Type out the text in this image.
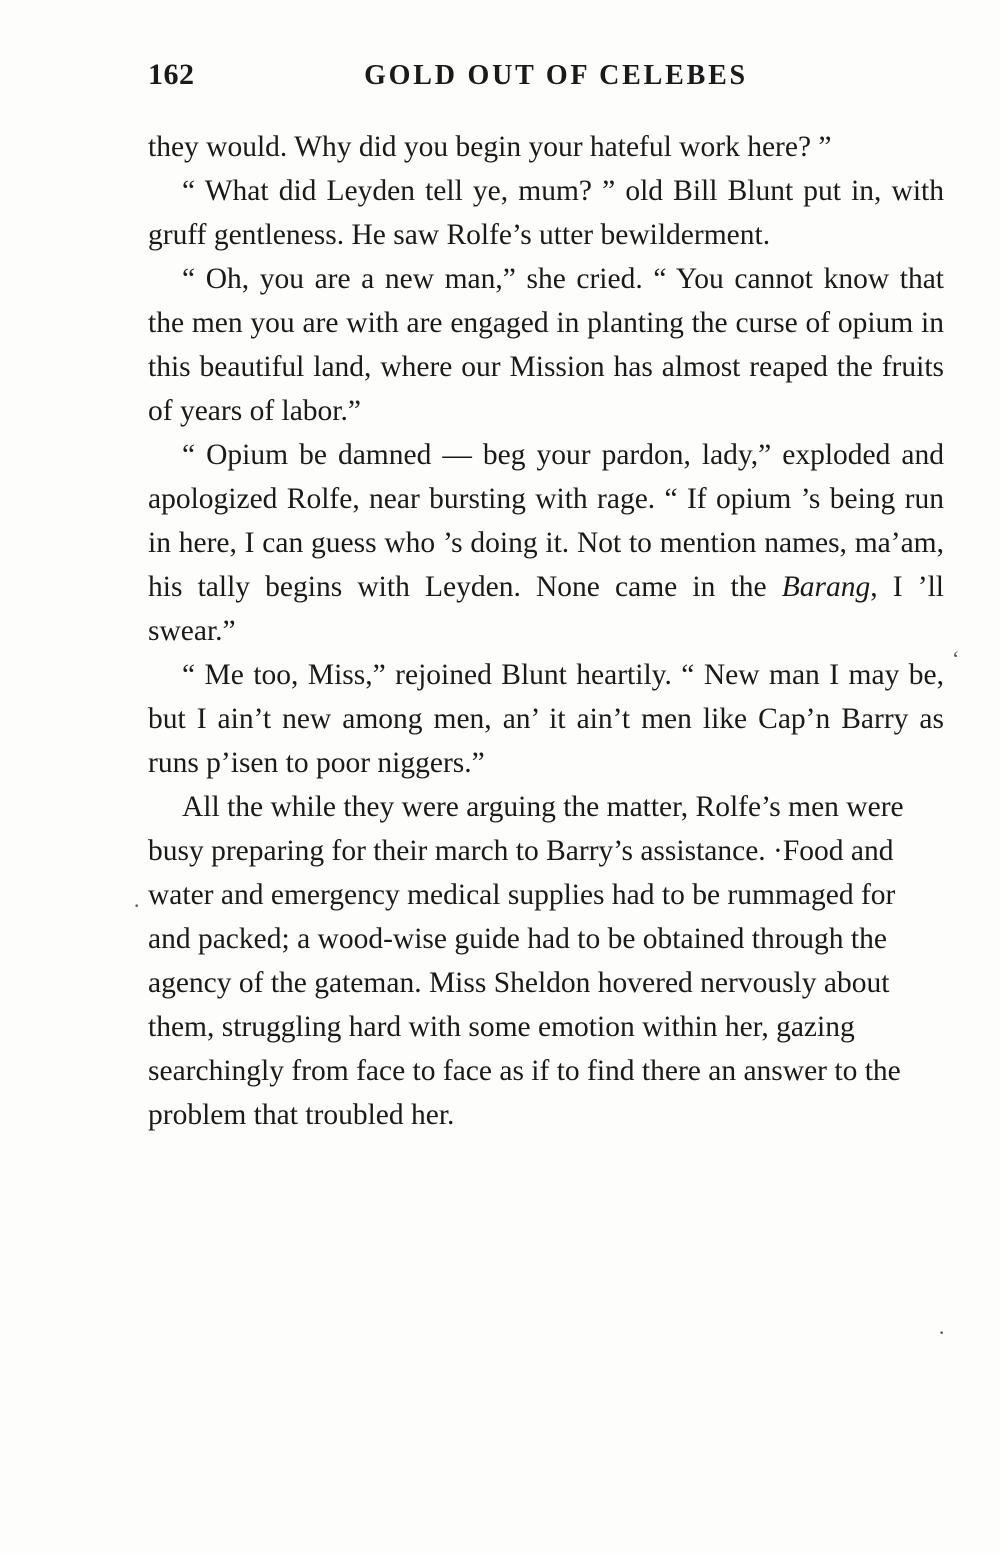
162	GOLD OUT OF CELEBES

they would. Why did you begin your hateful work here? ”

“ What did Leyden tell ye, mum? ” old Bill Blunt put in, with gruff gentleness. He saw Rolfe’s utter bewilderment.

“ Oh, you are a new man,” she cried. “ You cannot know that the men you are with are engaged in planting the curse of opium in this beautiful land, where our Mission has almost reaped the fruits of years of labor.”

“ Opium be damned — beg your pardon, lady,” exploded and apologized Rolfe, near bursting with rage. “ If opium ’s being run in here, I can guess who ’s doing it. Not to mention names, ma’am, his tally begins with Leyden. None came in the Barang, I ’ll swear.”

“ Me too, Miss,” rejoined Blunt heartily. “ New man I may be, but I ain’t new among men, an’ it ain’t men like Cap’n Barry as runs p’isen to poor niggers.”

All the while they were arguing the matter, Rolfe’s men were busy preparing for their march to Barry’s assistance. ·Food and water and emergency medical supplies had to be rummaged for and packed; a wood-wise guide had to be obtained through the agency of the gateman. Miss Sheldon hovered nervously about them, struggling hard with some emotion within her, gazing searchingly from face to face as if to find there an answer to the problem that troubled her.

‘
·
·
